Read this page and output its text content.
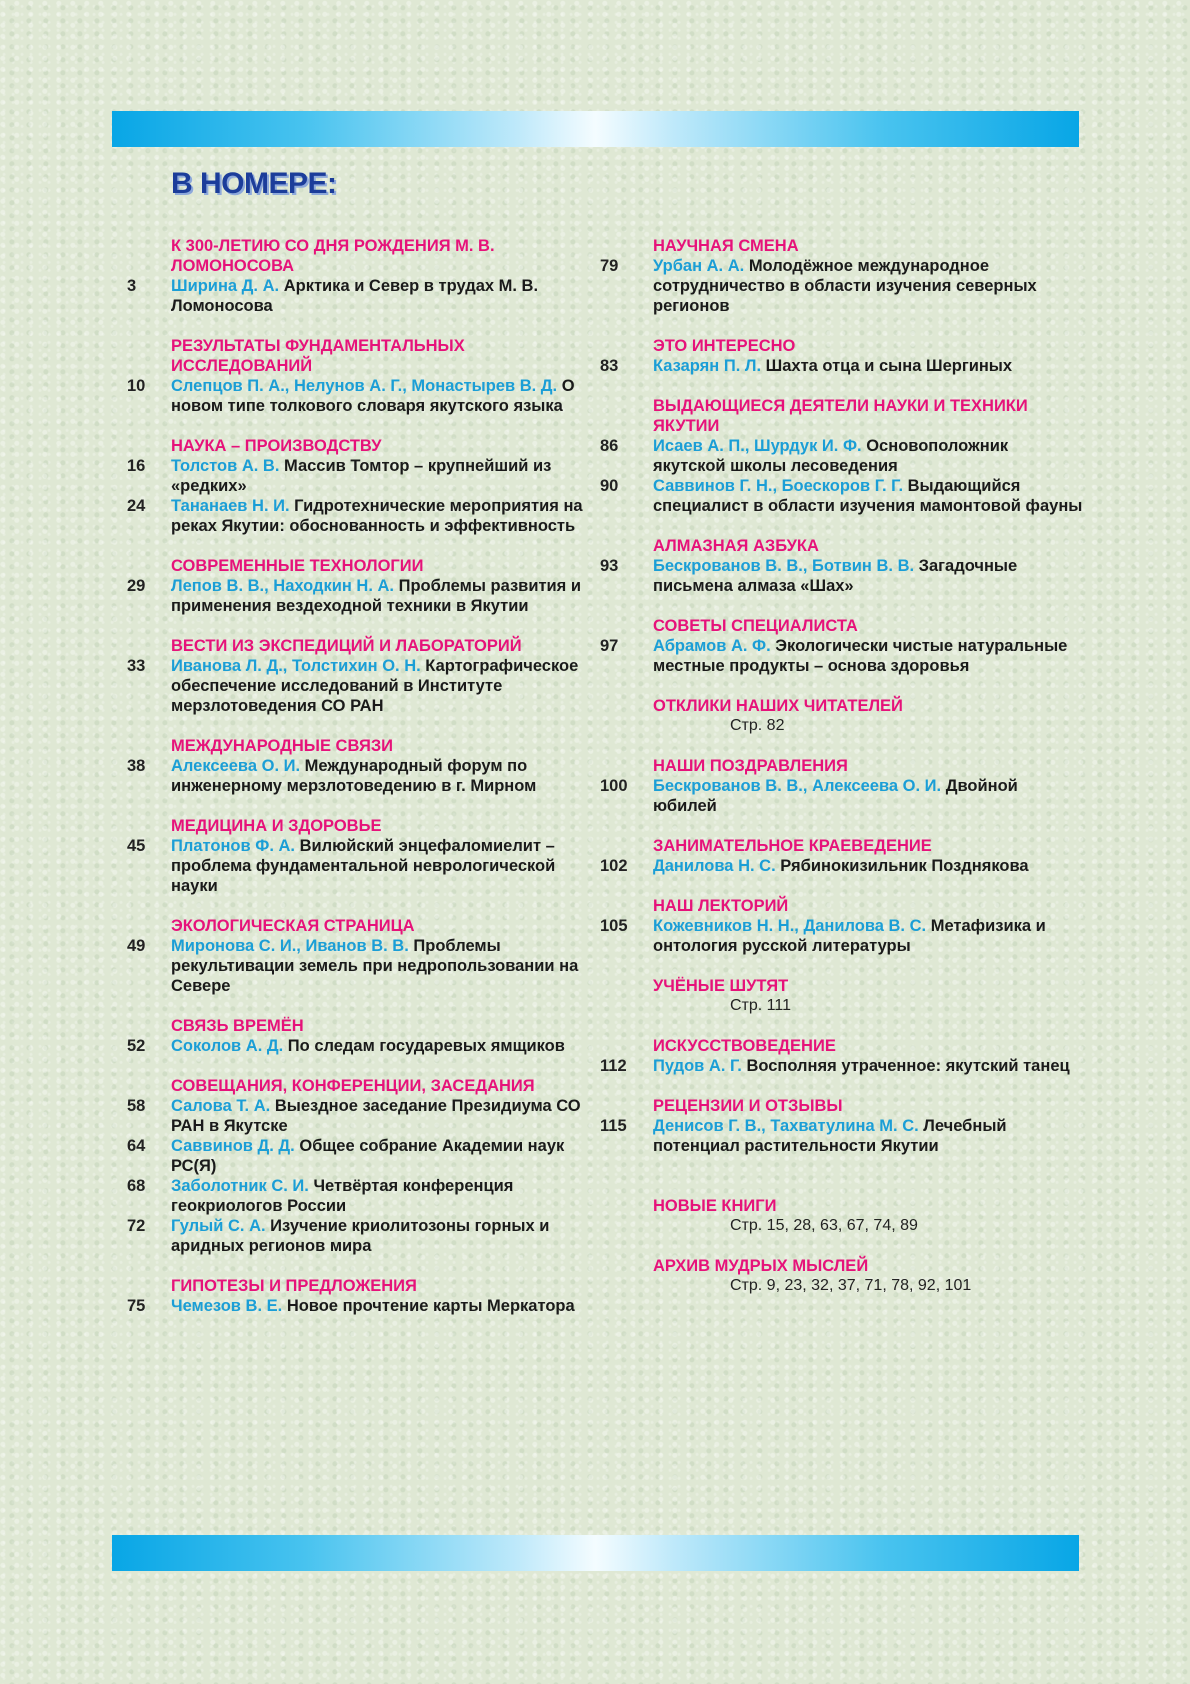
В НОМЕРЕ:
К 300-ЛЕТИЮ СО ДНЯ РОЖДЕНИЯ М. В. ЛОМОНОСОВА
3	Ширина Д. А. Арктика и Север в трудах М. В. Ломоносова
РЕЗУЛЬТАТЫ ФУНДАМЕНТАЛЬНЫХ ИССЛЕДОВАНИЙ
10	Слепцов П. А., Нелунов А. Г., Монастырев В. Д. О новом типе толкового словаря якутского языка
НАУКА – ПРОИЗВОДСТВУ
16	Толстов А. В. Массив Томтор – крупнейший из «редких»
24	Тананаев Н. И. Гидротехнические мероприятия на реках Якутии: обоснованность и эффективность
СОВРЕМЕННЫЕ ТЕХНОЛОГИИ
29	Лепов В. В., Находкин Н. А. Проблемы развития и применения вездеходной техники в Якутии
ВЕСТИ ИЗ ЭКСПЕДИЦИЙ И ЛАБОРАТОРИЙ
33	Иванова Л. Д., Толстихин О. Н. Картографическое обеспечение исследований в Институте мерзлотоведения СО РАН
МЕЖДУНАРОДНЫЕ СВЯЗИ
38	Алексеева О. И. Международный форум по инженерному мерзлотоведению в г. Мирном
МЕДИЦИНА И ЗДОРОВЬЕ
45	Платонов Ф. А. Вилюйский энцефаломиелит – проблема фундаментальной неврологической науки
ЭКОЛОГИЧЕСКАЯ СТРАНИЦА
49	Миронова С. И., Иванов В. В. Проблемы рекультивации земель при недропользовании на Севере
СВЯЗЬ ВРЕМЁН
52	Соколов А. Д. По следам государевых ямщиков
СОВЕЩАНИЯ, КОНФЕРЕНЦИИ, ЗАСЕДАНИЯ
58	Салова Т. А. Выездное заседание Президиума СО РАН в Якутске
64	Саввинов Д. Д. Общее собрание Академии наук РС(Я)
68	Заболотник С. И. Четвёртая конференция геокриологов России
72	Гулый С. А. Изучение криолитозоны горных и аридных регионов мира
ГИПОТЕЗЫ И ПРЕДЛОЖЕНИЯ
75	Чемезов В. Е. Новое прочтение карты Меркатора
НАУЧНАЯ СМЕНА
79	Урбан А. А. Молодёжное международное сотрудничество в области изучения северных регионов
ЭТО ИНТЕРЕСНО
83	Казарян П. Л. Шахта отца и сына Шергиных
ВЫДАЮЩИЕСЯ ДЕЯТЕЛИ НАУКИ И ТЕХНИКИ ЯКУТИИ
86	Исаев А. П., Шурдук И. Ф. Основоположник якутской школы лесоведения
90	Саввинов Г. Н., Боескоров Г. Г. Выдающийся специалист в области изучения мамонтовой фауны
АЛМАЗНАЯ АЗБУКА
93	Бескрованов В. В., Ботвин В. В. Загадочные письмена алмаза «Шах»
СОВЕТЫ СПЕЦИАЛИСТА
97	Абрамов А. Ф. Экологически чистые натуральные местные продукты – основа здоровья
ОТКЛИКИ НАШИХ ЧИТАТЕЛЕЙ
Стр. 82
НАШИ ПОЗДРАВЛЕНИЯ
100	Бескрованов В. В., Алексеева О. И. Двойной юбилей
ЗАНИМАТЕЛЬНОЕ КРАЕВЕДЕНИЕ
102	Данилова Н. С. Рябинокизильник Позднякова
НАШ ЛЕКТОРИЙ
105	Кожевников Н. Н., Данилова В. С. Метафизика и онтология русской литературы
УЧЁНЫЕ ШУТЯТ
Стр. 111
ИСКУССТВОВЕДЕНИЕ
112	Пудов А. Г. Восполняя утраченное: якутский танец
РЕЦЕНЗИИ И ОТЗЫВЫ
115	Денисов Г. В., Тахватулина М. С. Лечебный потенциал растительности Якутии
НОВЫЕ КНИГИ
Стр. 15, 28, 63, 67, 74, 89
АРХИВ МУДРЫХ МЫСЛЕЙ
Стр. 9, 23, 32, 37, 71, 78, 92, 101
